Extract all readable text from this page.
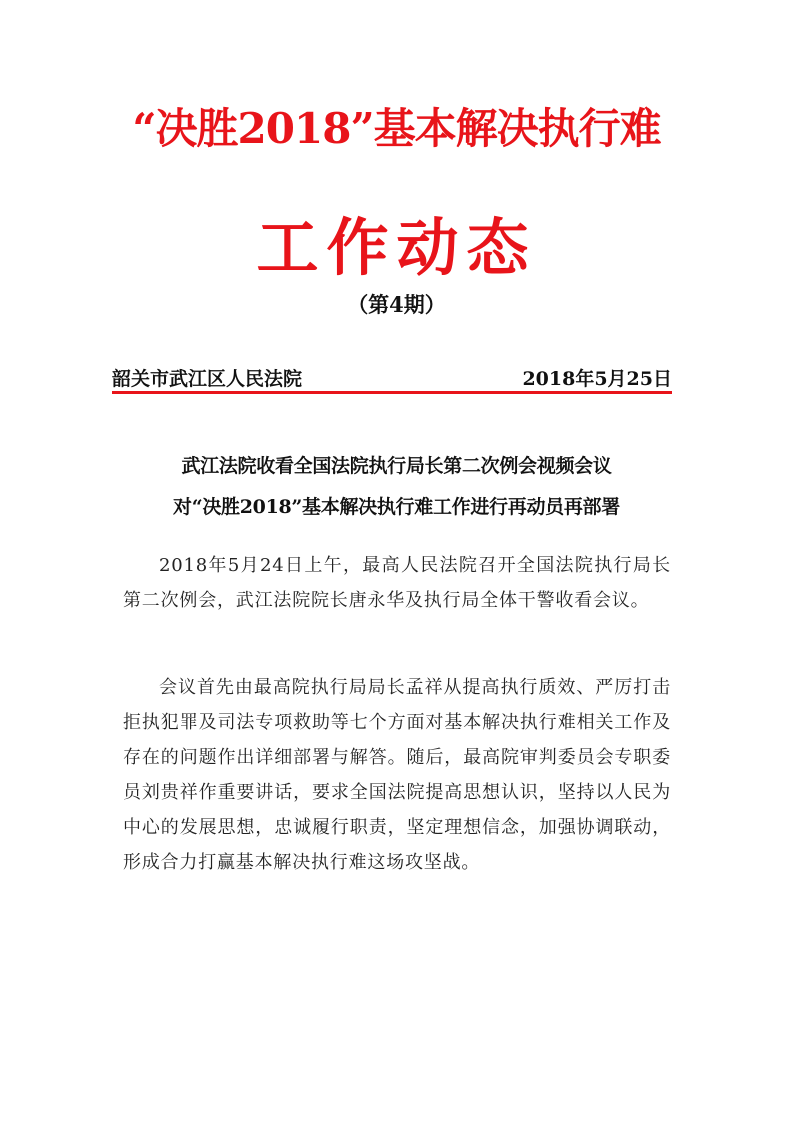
“决胜2018”基本解决执行难
工作动态
（第4期）
韶关市武江区人民法院	2018年5月25日
武江法院收看全国法院执行局长第二次例会视频会议
对“决胜2018”基本解决执行难工作进行再动员再部署

2018年5月24日上午，最高人民法院召开全国法院执行局长第二次例会，武江法院院长唐永华及执行局全体干警收看会议。

会议首先由最高院执行局局长孟祥从提高执行质效、严厉打击拒执犯罪及司法专项救助等七个方面对基本解决执行难相关工作及存在的问题作出详细部署与解答。随后，最高院审判委员会专职委员刘贵祥作重要讲话，要求全国法院提高思想认识，坚持以人民为中心的发展思想，忠诚履行职责，坚定理想信念，加强协调联动，形成合力打赢基本解决执行难这场攻坚战。
